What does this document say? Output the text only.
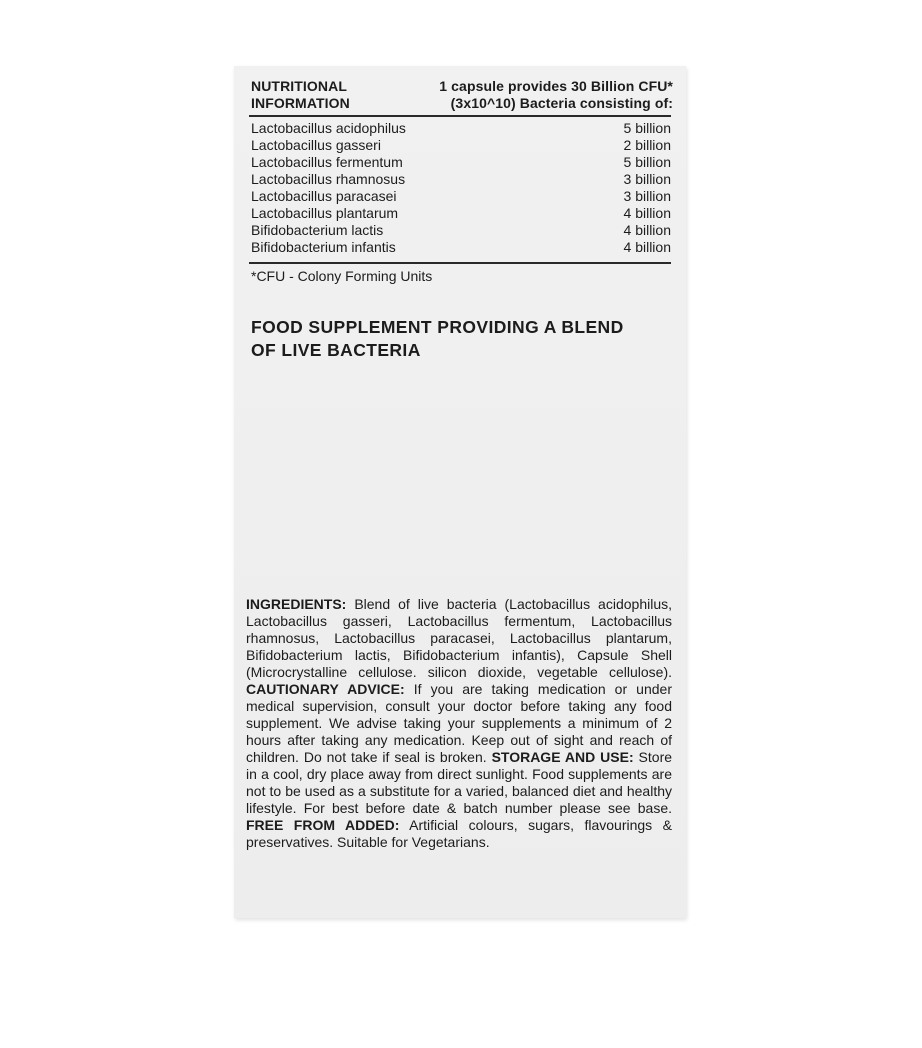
NUTRITIONAL
INFORMATION
1 capsule provides 30 Billion CFU*
(3x10^10) Bacteria consisting of:
Lactobacillus acidophilus	5 billion
Lactobacillus gasseri	2 billion
Lactobacillus fermentum	5 billion
Lactobacillus rhamnosus	3 billion
Lactobacillus paracasei	3 billion
Lactobacillus plantarum	4 billion
Bifidobacterium lactis	4 billion
Bifidobacterium infantis	4 billion
*CFU - Colony Forming Units
FOOD SUPPLEMENT PROVIDING A BLEND
OF LIVE BACTERIA

INGREDIENTS: Blend of live bacteria (Lactobacillus acidophilus, Lactobacillus gasseri, Lactobacillus fermentum, Lactobacillus rhamnosus, Lactobacillus paracasei, Lactobacillus plantarum, Bifidobacterium lactis, Bifidobacterium infantis), Capsule Shell (Microcrystalline cellulose. silicon dioxide, vegetable cellulose). CAUTIONARY ADVICE: If you are taking medication or under medical supervision, consult your doctor before taking any food supplement. We advise taking your supplements a minimum of 2 hours after taking any medication. Keep out of sight and reach of children. Do not take if seal is broken. STORAGE AND USE: Store in a cool, dry place away from direct sunlight. Food supplements are not to be used as a substitute for a varied, balanced diet and healthy lifestyle. For best before date & batch number please see base. FREE FROM ADDED: Artificial colours, sugars, flavourings & preservatives. Suitable for Vegetarians.
